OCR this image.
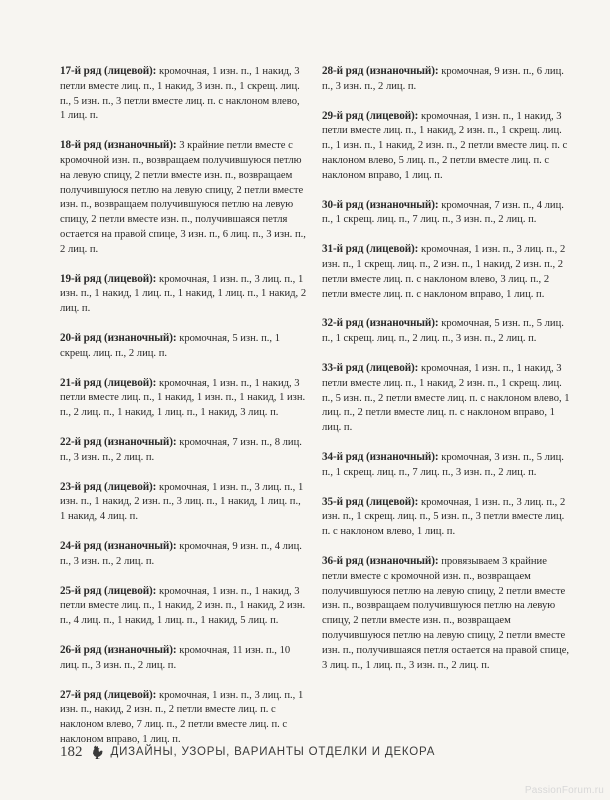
17-й ряд (лицевой): кромочная, 1 изн. п., 1 накид, 3 петли вместе лиц. п., 1 накид, 3 изн. п., 1 скрещ. лиц. п., 5 изн. п., 3 петли вместе лиц. п. с наклоном влево, 1 лиц. п.

18-й ряд (изнаночный): 3 крайние петли вместе с кромочной изн. п., возвращаем получившуюся петлю на левую спицу, 2 петли вместе изн. п., возвращаем получившуюся петлю на левую спицу, 2 петли вместе изн. п., возвращаем получившуюся петлю на левую спицу, 2 петли вместе изн. п., получившаяся петля остается на правой спице, 3 изн. п., 6 лиц. п., 3 изн. п., 2 лиц. п.

19-й ряд (лицевой): кромочная, 1 изн. п., 3 лиц. п., 1 изн. п., 1 накид, 1 лиц. п., 1 накид, 1 лиц. п., 1 накид, 2 лиц. п.

20-й ряд (изнаночный): кромочная, 5 изн. п., 1 скрещ. лиц. п., 2 лиц. п.

21-й ряд (лицевой): кромочная, 1 изн. п., 1 накид, 3 петли вместе лиц. п., 1 накид, 1 изн. п., 1 накид, 1 изн. п., 2 лиц. п., 1 накид, 1 лиц. п., 1 накид, 3 лиц. п.

22-й ряд (изнаночный): кромочная, 7 изн. п., 8 лиц. п., 3 изн. п., 2 лиц. п.

23-й ряд (лицевой): кромочная, 1 изн. п., 3 лиц. п., 1 изн. п., 1 накид, 2 изн. п., 3 лиц. п., 1 накид, 1 лиц. п., 1 накид, 4 лиц. п.

24-й ряд (изнаночный): кромочная, 9 изн. п., 4 лиц. п., 3 изн. п., 2 лиц. п.

25-й ряд (лицевой): кромочная, 1 изн. п., 1 накид, 3 петли вместе лиц. п., 1 накид, 2 изн. п., 1 накид, 2 изн. п., 4 лиц. п., 1 накид, 1 лиц. п., 1 накид, 5 лиц. п.

26-й ряд (изнаночный): кромочная, 11 изн. п., 10 лиц. п., 3 изн. п., 2 лиц. п.

27-й ряд (лицевой): кромочная, 1 изн. п., 3 лиц. п., 1 изн. п., накид, 2 изн. п., 2 петли вместе лиц. п. с наклоном влево, 7 лиц. п., 2 петли вместе лиц. п. с наклоном вправо, 1 лиц. п.

28-й ряд (изнаночный): кромочная, 9 изн. п., 6 лиц. п., 3 изн. п., 2 лиц. п.

29-й ряд (лицевой): кромочная, 1 изн. п., 1 накид, 3 петли вместе лиц. п., 1 накид, 2 изн. п., 1 скрещ. лиц. п., 1 изн. п., 1 накид, 2 изн. п., 2 петли вместе лиц. п. с наклоном влево, 5 лиц. п., 2 петли вместе лиц. п. с наклоном вправо, 1 лиц. п.

30-й ряд (изнаночный): кромочная, 7 изн. п., 4 лиц. п., 1 скрещ. лиц. п., 7 лиц. п., 3 изн. п., 2 лиц. п.

31-й ряд (лицевой): кромочная, 1 изн. п., 3 лиц. п., 2 изн. п., 1 скрещ. лиц. п., 2 изн. п., 1 накид, 2 изн. п., 2 петли вместе лиц. п. с наклоном влево, 3 лиц. п., 2 петли вместе лиц. п. с наклоном вправо, 1 лиц. п.

32-й ряд (изнаночный): кромочная, 5 изн. п., 5 лиц. п., 1 скрещ. лиц. п., 2 лиц. п., 3 изн. п., 2 лиц. п.

33-й ряд (лицевой): кромочная, 1 изн. п., 1 накид, 3 петли вместе лиц. п., 1 накид, 2 изн. п., 1 скрещ. лиц. п., 5 изн. п., 2 петли вместе лиц. п. с наклоном влево, 1 лиц. п., 2 петли вместе лиц. п. с наклоном вправо, 1 лиц. п.

34-й ряд (изнаночный): кромочная, 3 изн. п., 5 лиц. п., 1 скрещ. лиц. п., 7 лиц. п., 3 изн. п., 2 лиц. п.

35-й ряд (лицевой): кромочная, 1 изн. п., 3 лиц. п., 2 изн. п., 1 скрещ. лиц. п., 5 изн. п., 3 петли вместе лиц. п. с наклоном влево, 1 лиц. п.

36-й ряд (изнаночный): провязываем 3 крайние петли вместе с кромочной изн. п., возвращаем получившуюся петлю на левую спицу, 2 петли вместе изн. п., возвращаем получившуюся петлю на левую спицу, 2 петли вместе изн. п., возвращаем получившуюся петлю на левую спицу, 2 петли вместе изн. п., получившаяся петля остается на правой спице, 3 лиц. п., 1 лиц. п., 3 изн. п., 2 лиц. п.

182 ДИЗАЙНЫ, УЗОРЫ, ВАРИАНТЫ ОТДЕЛКИ И ДЕКОРА
PassionForum.ru
